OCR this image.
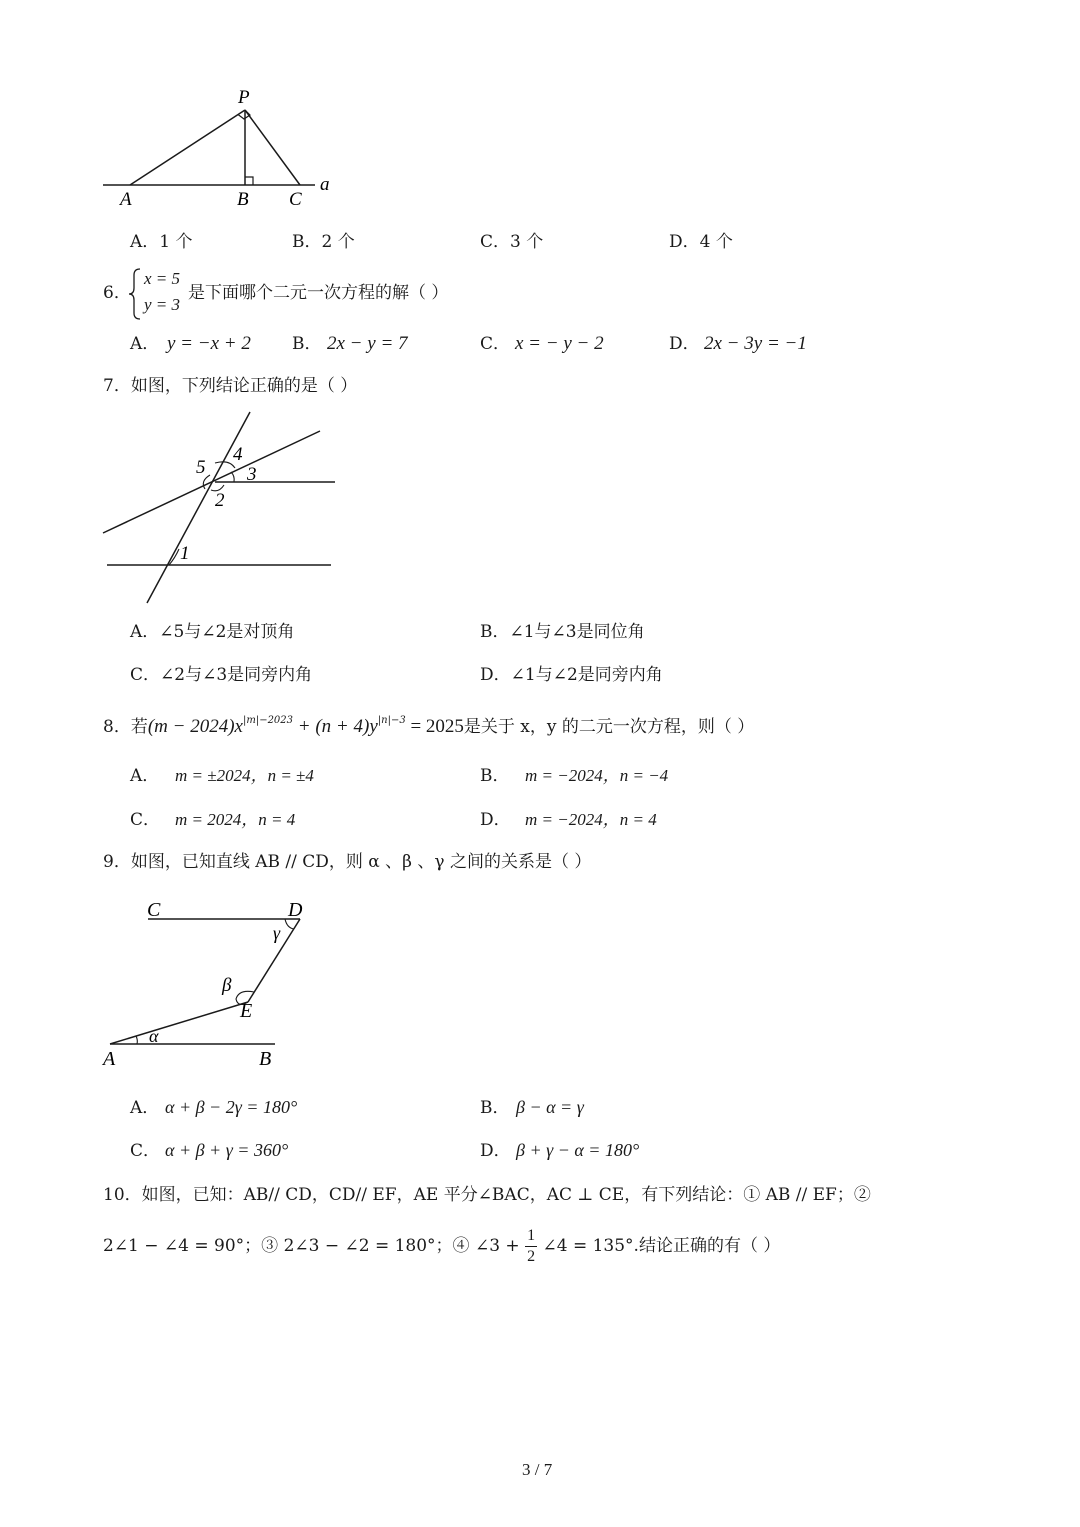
P
A	B C
a
A．1 个	B．2 个	C．3 个	D．4 个
6．
x = 5
y = 3
是下面哪个二元一次方程的解（ ）
A． y = −x + 2 B． 2x − y = 7	C． x = − y − 2	D． 2x − 3y = −1
7．如图，下列结论正确的是（ ）
5
4
3
2
1
A．∠5与∠2是对顶角	B．∠1与∠3是同位角
C．∠2与∠3是同旁内角	D．∠1与∠2是同旁内角
8．若$(m - 2024)x^{|m|-2023} + (n + 4)y^{|n|-3} = 2025$是关于 x，y 的二元一次方程，则（ ）
A． m = ±2024，n = ±4	B． m = −2024，n = −4
C． m = 2024，n = 4	D． m = −2024，n = 4
9．如图，已知直线 AB // CD，则 α 、β 、γ 之间的关系是（ ）
C	D
γ
β
E
α
A	B
A． α + β − 2γ = 180°	B． β − α = γ
C． α + β + γ = 360°	D． β + γ − α = 180°
10．如图，已知：AB// CD，CD// EF，AE 平分∠BAC，AC ⊥ CE，有下列结论：① AB // EF；②
2∠1 − ∠4 = 90°；③ 2∠3 − ∠2 = 180°；④ ∠3 + $\frac{1}{2}$ ∠4 = 135°.结论正确的有（ ）
3 / 7
